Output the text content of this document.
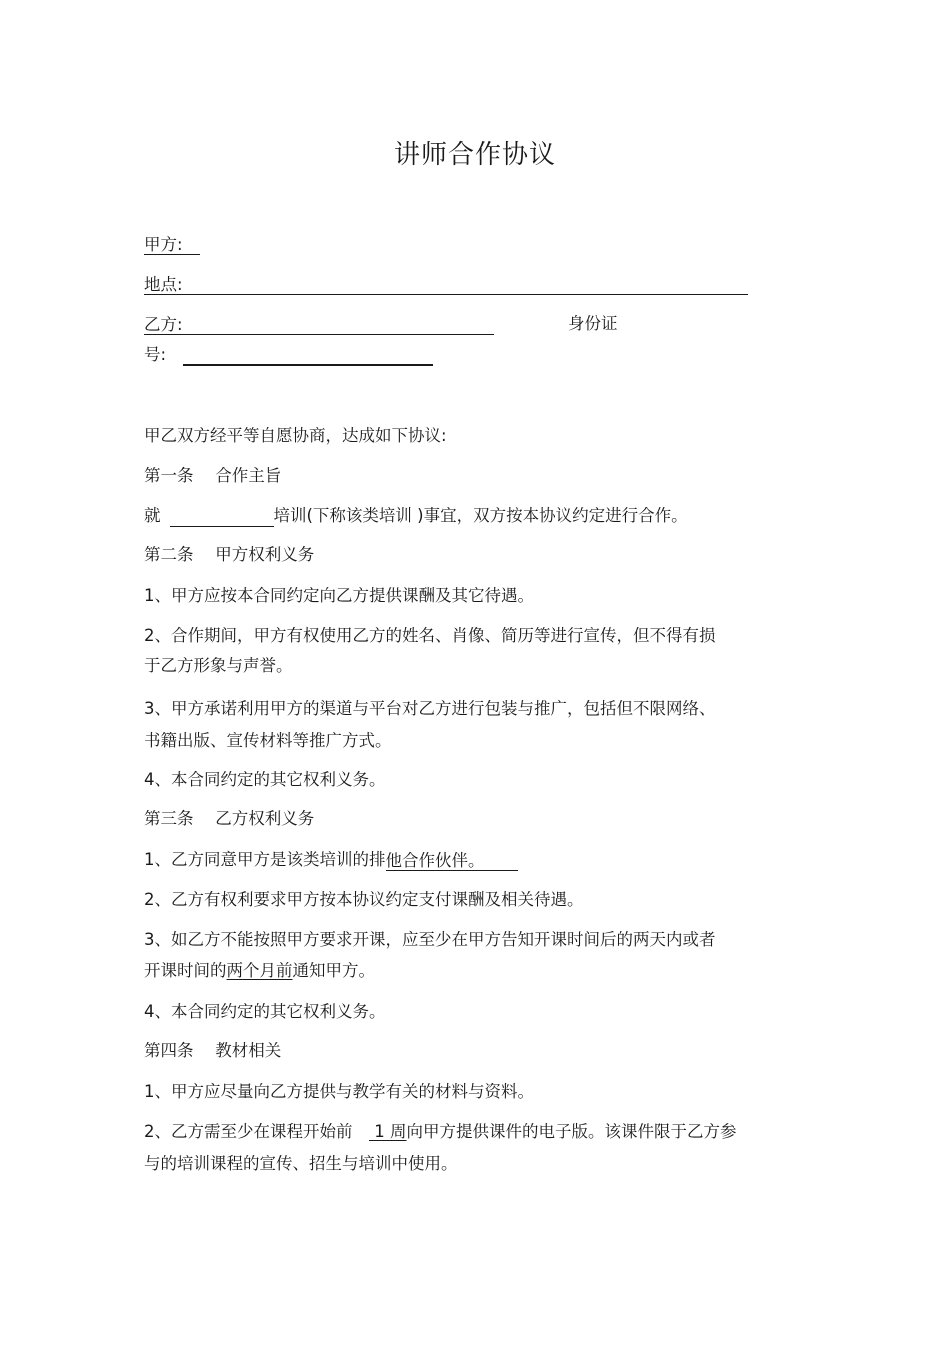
讲师合作协议
甲方:
地点:
乙方:	身份证
号:
甲乙双方经平等自愿协商，达成如下协议:
第一条　 合作主旨
就	培训(下称该类培训 )事宜，双方按本协议约定进行合作。
第二条　 甲方权利义务
1、甲方应按本合同约定向乙方提供课酬及其它待遇。
2、合作期间，甲方有权使用乙方的姓名、肖像、简历等进行宣传，但不得有损
于乙方形象与声誉。
3、甲方承诺利用甲方的渠道与平台对乙方进行包装与推广，包括但不限网络、
书籍出版、宣传材料等推广方式。
4、本合同约定的其它权利义务。
第三条　 乙方权利义务
1、乙方同意甲方是该类培训的排他合作伙伴。
2、乙方有权利要求甲方按本协议约定支付课酬及相关待遇。
3、如乙方不能按照甲方要求开课，应至少在甲方告知开课时间后的两天内或者
开课时间的两个月前通知甲方。
4、本合同约定的其它权利义务。
第四条　 教材相关
1、甲方应尽量向乙方提供与教学有关的材料与资料。
2、乙方需至少在课程开始前　 1 周向甲方提供课件的电子版。该课件限于乙方参
与的培训课程的宣传、招生与培训中使用。
